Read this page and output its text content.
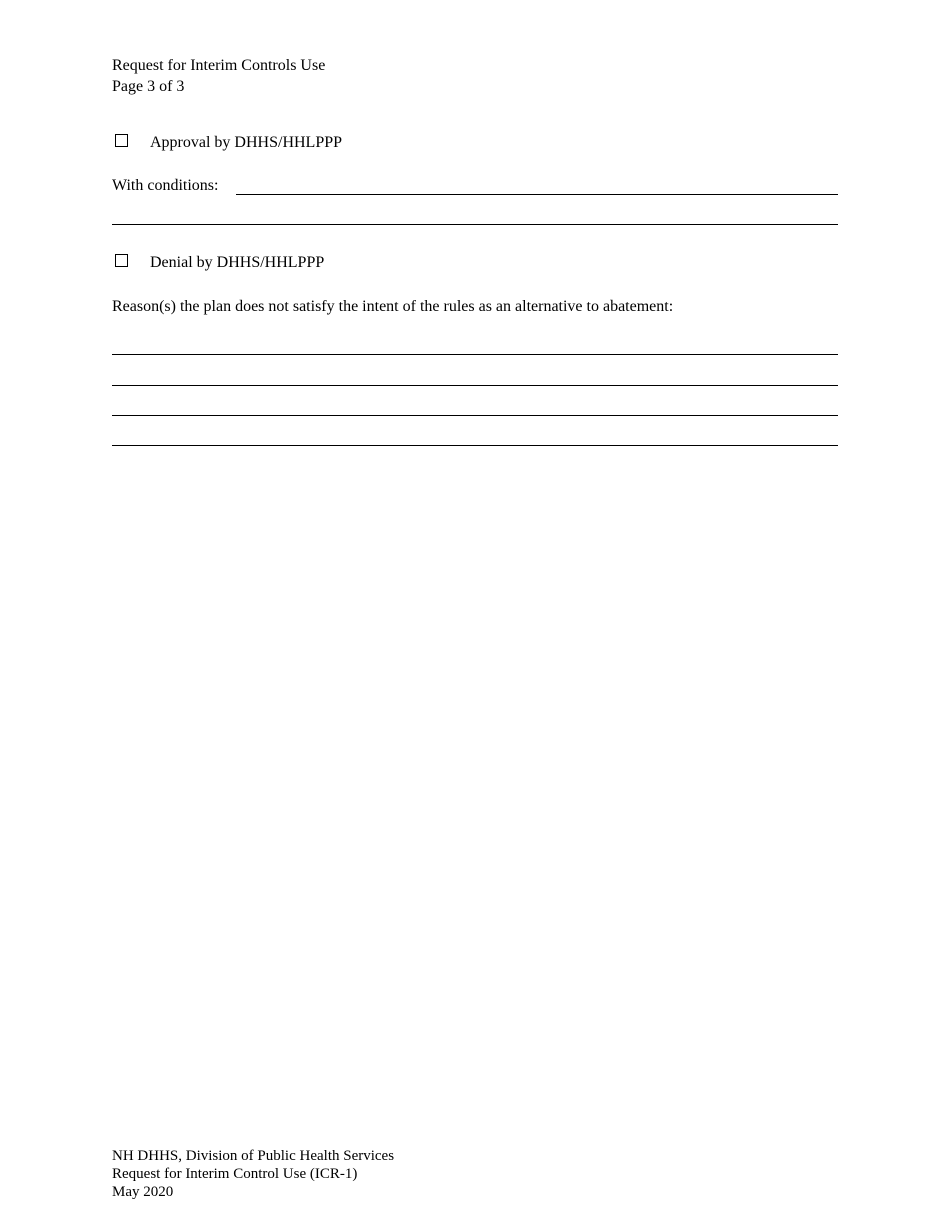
Request for Interim Controls Use
Page 3 of 3
Approval by DHHS/HHLPPP
With conditions:
Denial by DHHS/HHLPPP
Reason(s) the plan does not satisfy the intent of the rules as an alternative to abatement:
NH DHHS, Division of Public Health Services
Request for Interim Control Use (ICR-1)
May 2020
